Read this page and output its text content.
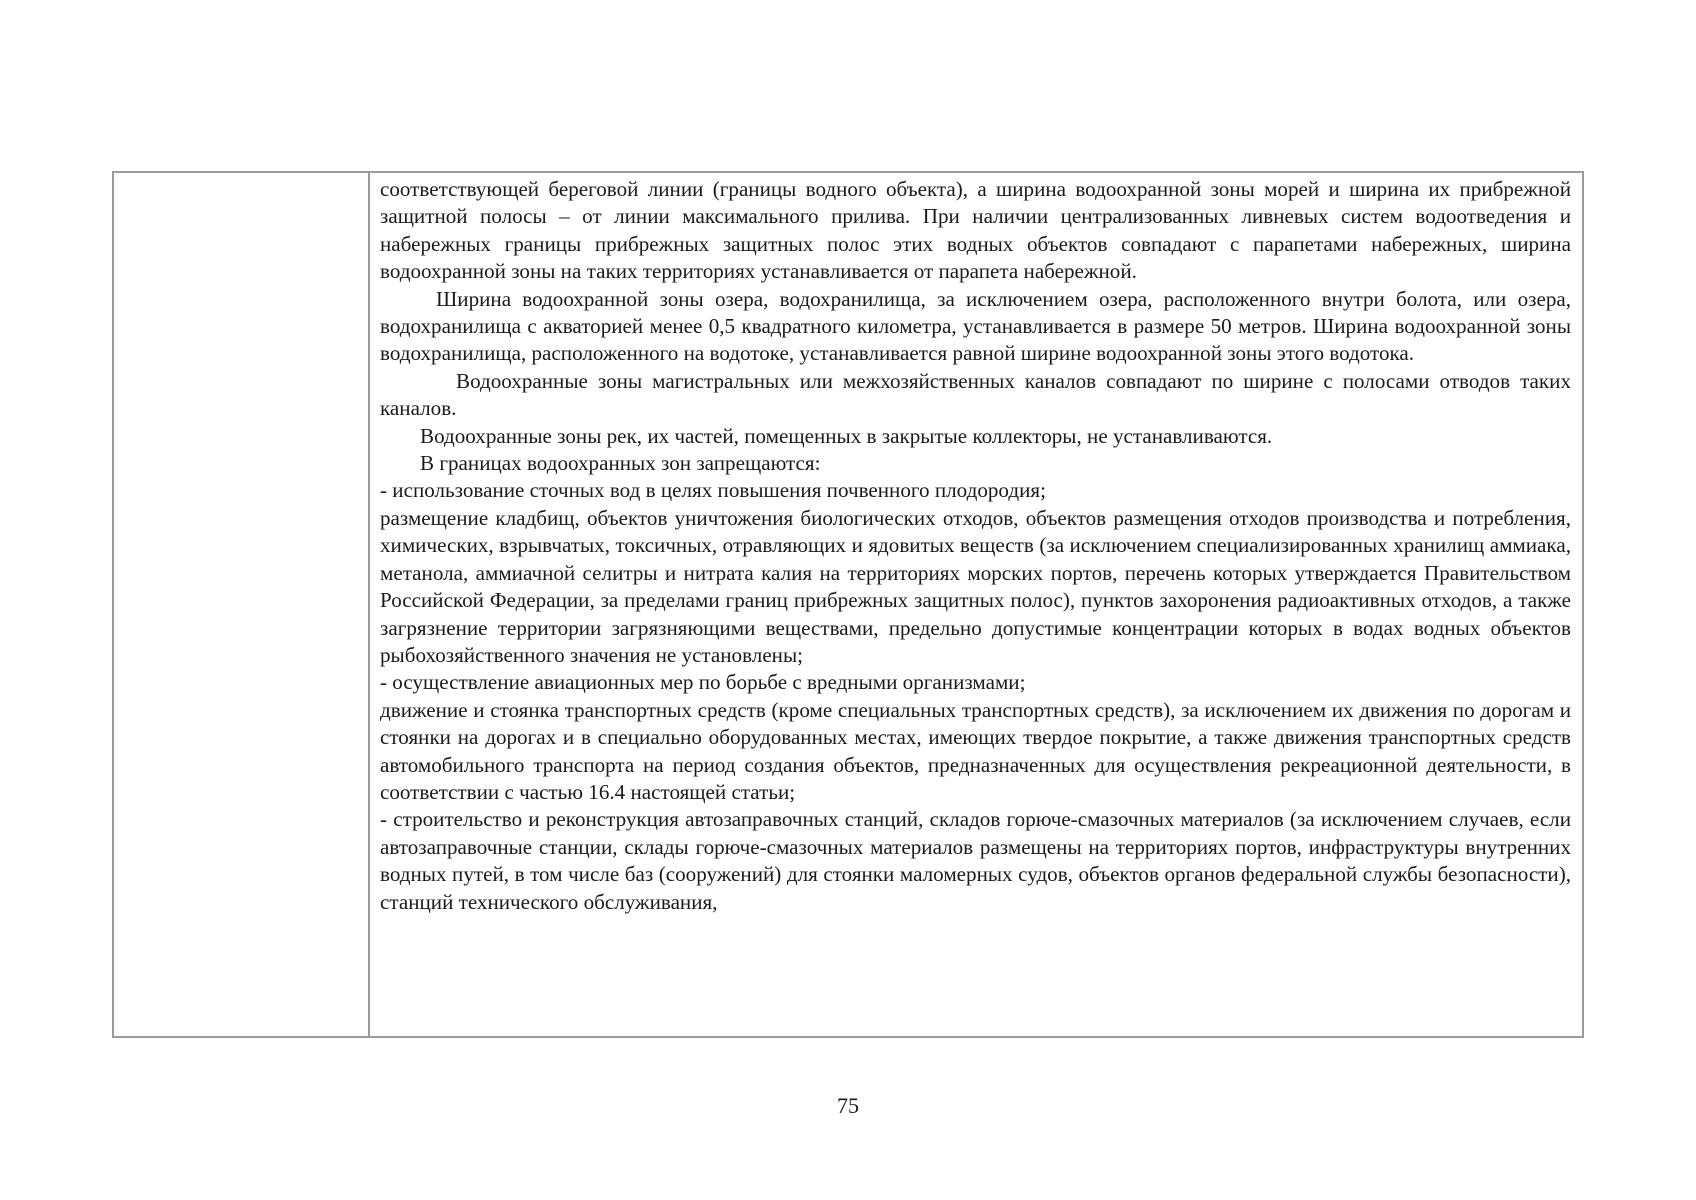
соответствующей береговой линии (границы водного объекта), а ширина водоохранной зоны морей и ширина их прибрежной защитной полосы – от линии максимального прилива. При наличии централизованных ливневых систем водоотведения и набережных границы прибрежных защитных полос этих водных объектов совпадают с парапетами набережных, ширина водоохранной зоны на таких территориях устанавливается от парапета набережной.

Ширина водоохранной зоны озера, водохранилища, за исключением озера, расположенного внутри болота, или озера, водохранилища с акваторией менее 0,5 квадратного километра, устанавливается в размере 50 метров. Ширина водоохранной зоны водохранилища, расположенного на водотоке, устанавливается равной ширине водоохранной зоны этого водотока.

Водоохранные зоны магистральных или межхозяйственных каналов совпадают по ширине с полосами отводов таких каналов.

Водоохранные зоны рек, их частей, помещенных в закрытые коллекторы, не устанавливаются.

В границах водоохранных зон запрещаются:

- использование сточных вод в целях повышения почвенного плодородия;

размещение кладбищ, объектов уничтожения биологических отходов, объектов размещения отходов производства и потребления, химических, взрывчатых, токсичных, отравляющих и ядовитых веществ (за исключением специализированных хранилищ аммиака, метанола, аммиачной селитры и нитрата калия на территориях морских портов, перечень которых утверждается Правительством Российской Федерации, за пределами границ прибрежных защитных полос), пунктов захоронения радиоактивных отходов, а также загрязнение территории загрязняющими веществами, предельно допустимые концентрации которых в водах водных объектов рыбохозяйственного значения не установлены;

- осуществление авиационных мер по борьбе с вредными организмами;

движение и стоянка транспортных средств (кроме специальных транспортных средств), за исключением их движения по дорогам и стоянки на дорогах и в специально оборудованных местах, имеющих твердое покрытие, а также движения транспортных средств автомобильного транспорта на период создания объектов, предназначенных для осуществления рекреационной деятельности, в соответствии с частью 16.4 настоящей статьи;

- строительство и реконструкция автозаправочных станций, складов горюче-смазочных материалов (за исключением случаев, если автозаправочные станции, склады горюче-смазочных материалов размещены на территориях портов, инфраструктуры внутренних водных путей, в том числе баз (сооружений) для стоянки маломерных судов, объектов органов федеральной службы безопасности), станций технического обслуживания,

75
